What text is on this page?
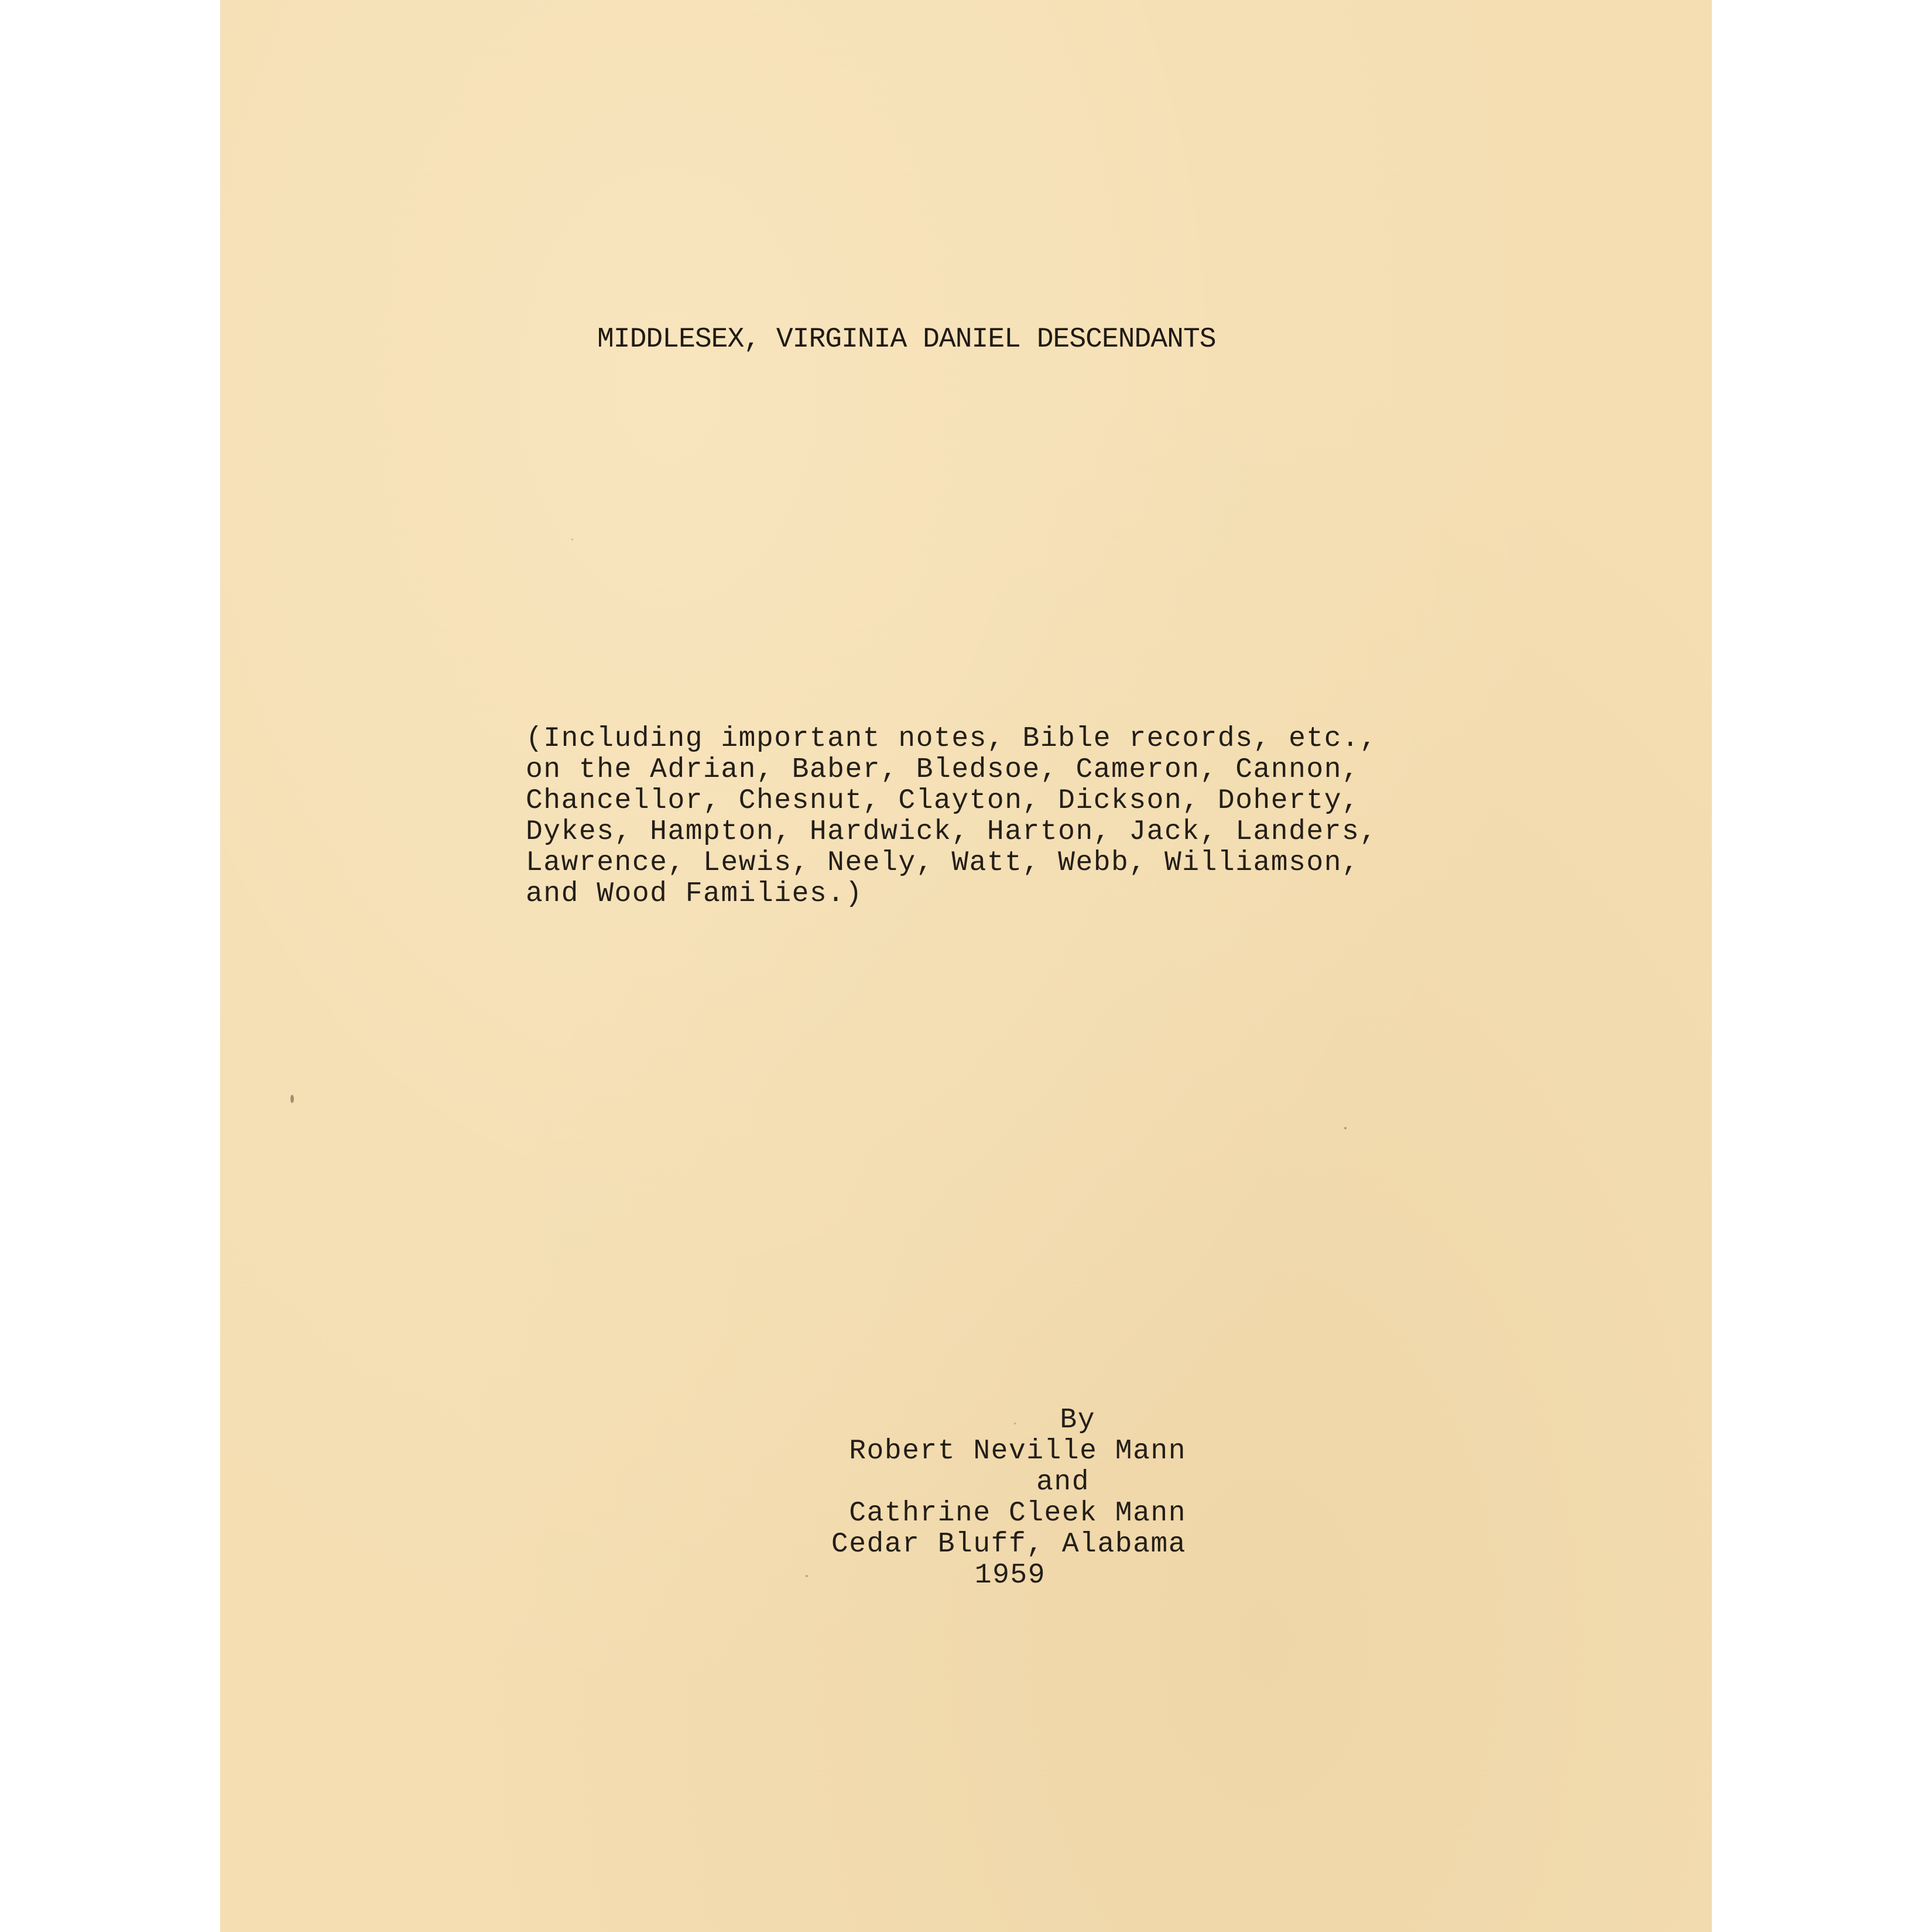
MIDDLESEX, VIRGINIA DANIEL DESCENDANTS
(Including important notes, Bible records, etc.,
on the Adrian, Baber, Bledsoe, Cameron, Cannon,
Chancellor, Chesnut, Clayton, Dickson, Doherty,
Dykes, Hampton, Hardwick, Harton, Jack, Landers,
Lawrence, Lewis, Neely, Watt, Webb, Williamson,
and Wood Families.)
By
Robert Neville Mann
and
Cathrine Cleek Mann
Cedar Bluff, Alabama
1959
